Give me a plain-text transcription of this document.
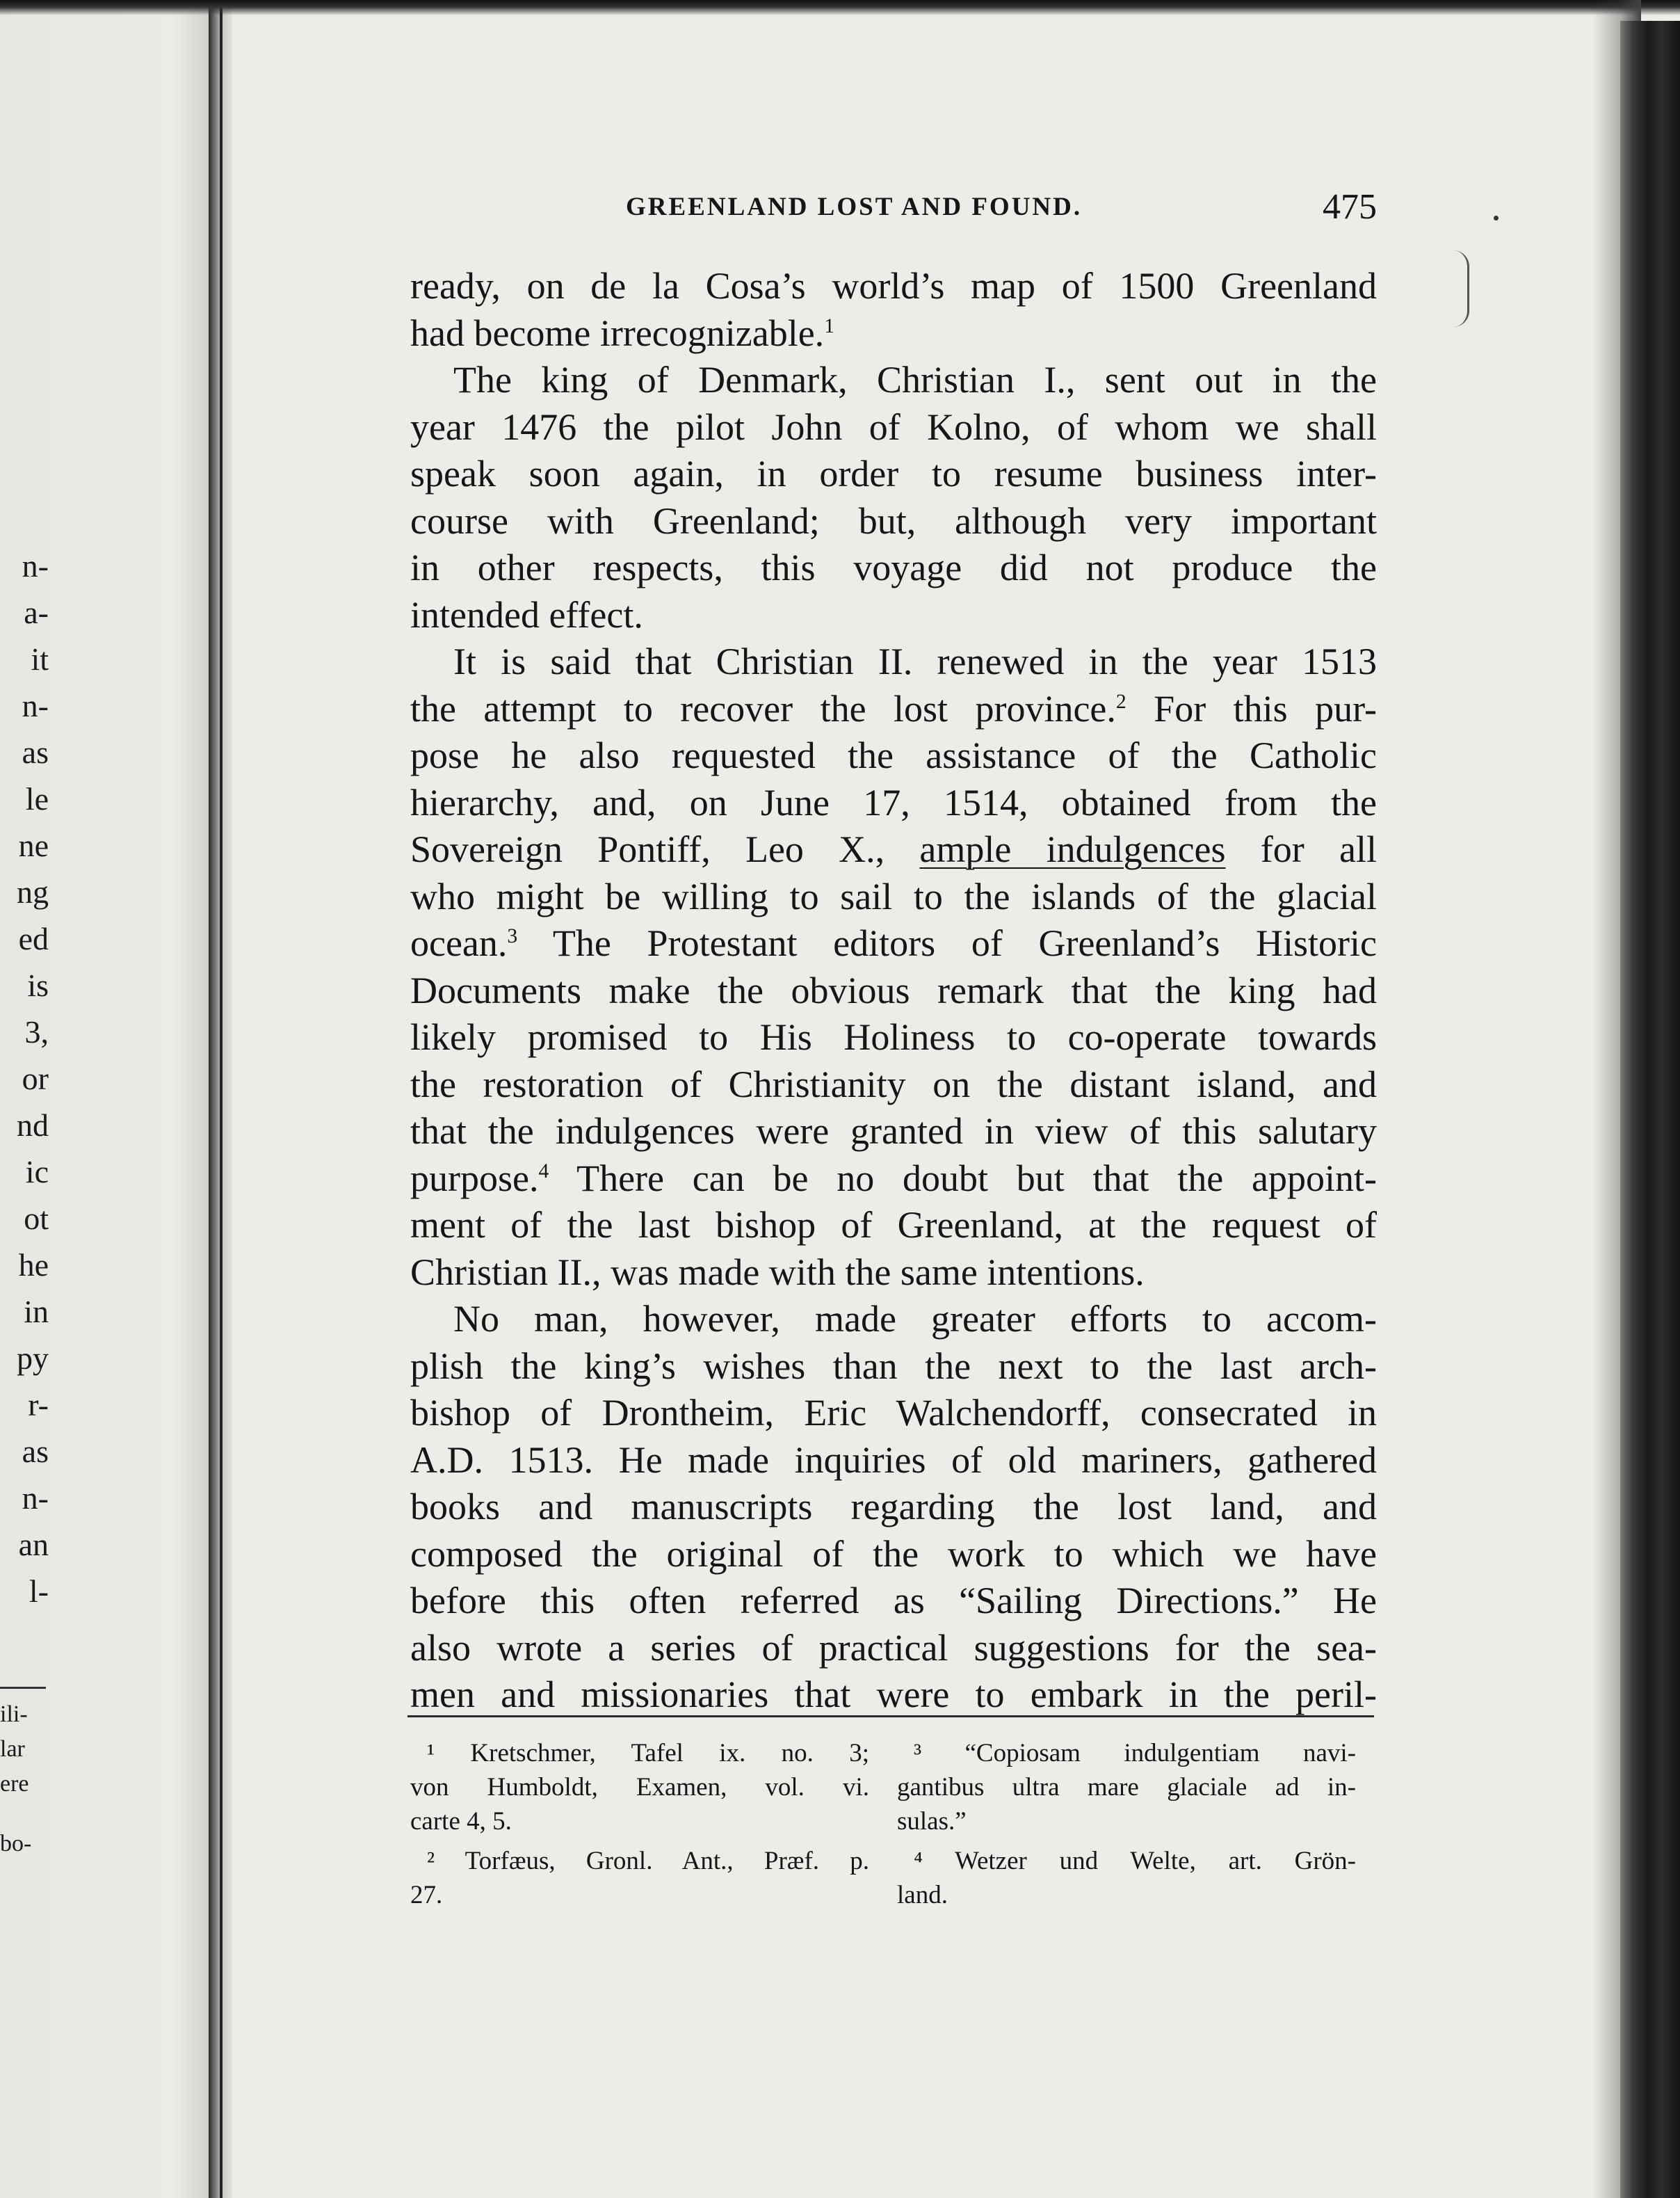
n-
a-
it
n-
as
le
ne
ng
ed
is
3,
or
nd
ic
ot
he
in
py
r-
as
n-
an
l-
ili-
lar
ere
bo-
GREENLAND LOST AND FOUND.	475
ready, on de la Cosa’s world’s map of 1500 Greenland
had become irrecognizable.$^1$
The king of Denmark, Christian I., sent out in the
year 1476 the pilot John of Kolno, of whom we shall
speak soon again, in order to resume business inter-
course with Greenland; but, although very important
in other respects, this voyage did not produce the
intended effect.
It is said that Christian II. renewed in the year 1513
the attempt to recover the lost province.$^2$ For this pur-
pose he also requested the assistance of the Catholic
hierarchy, and, on June 17, 1514, obtained from the
Sovereign Pontiff, Leo X., ample indulgences for all
who might be willing to sail to the islands of the glacial
ocean.$^3$ The Protestant editors of Greenland’s Historic
Documents make the obvious remark that the king had
likely promised to His Holiness to co-operate towards
the restoration of Christianity on the distant island, and
that the indulgences were granted in view of this salutary
purpose.$^4$ There can be no doubt but that the appoint-
ment of the last bishop of Greenland, at the request of
Christian II., was made with the same intentions.
No man, however, made greater efforts to accom-
plish the king’s wishes than the next to the last arch-
bishop of Drontheim, Eric Walchendorff, consecrated in
A.D. 1513. He made inquiries of old mariners, gathered
books and manuscripts regarding the lost land, and
composed the original of the work to which we have
before this often referred as “Sailing Directions.” He
also wrote a series of practical suggestions for the sea-
men and missionaries that were to embark in the peril-
¹ Kretschmer, Tafel ix. no. 3;
von Humboldt, Examen, vol. vi.
carte 4, 5.
² Torfæus, Gronl. Ant., Præf. p.
27.
³ “Copiosam indulgentiam navi-
gantibus ultra mare glaciale ad in-
sulas.”
⁴ Wetzer und Welte, art. Grön-
land.
